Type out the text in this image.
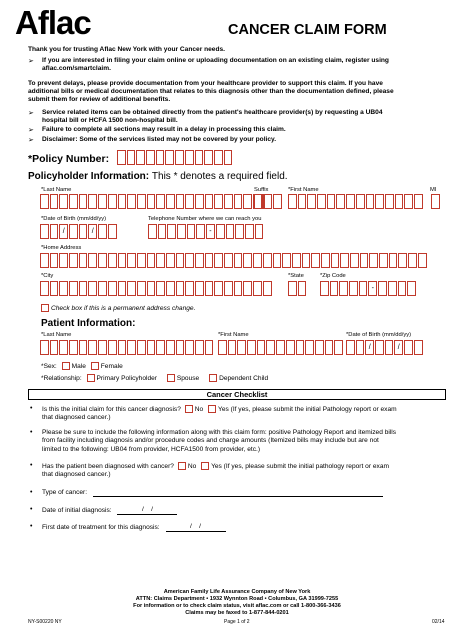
Aflac	CANCER CLAIM FORM
Thank you for trusting Aflac New York with your Cancer needs.
➢ If you are interested in filing your claim online or uploading documentation on an existing claim, register using
aflac.com/smartclaim.
To prevent delays, please provide documentation from your healthcare provider to support this claim. If you have
additional bills or medical documentation that relates to this diagnosis other than the documentation defined, please
submit them for review of additional benefits.
➢ Service related items can be obtained directly from the patient's healthcare provider(s) by requesting a UB04
hospital bill or HCFA 1500 non-hospital bill.
➢ Failure to complete all sections may result in a delay in processing this claim.
➢ Disclaimer: Some of the services listed may not be covered by your policy.
*Policy Number:
Policyholder Information: This * denotes a required field.
*Last Name	Suffix	*First Name	MI
*Date of Birth (mm/dd/yy)	Telephone Number where we can reach you
/	/	-
*Home Address
*City	*State	*Zip Code
-
Check box if this is a permanent address change.
Patient Information:
*Last Name	*First Name	*Date of Birth (mm/dd/yy)
/	/
*Sex: Male Female
*Relationship: Primary Policyholder	Spouse	Dependent Child
Cancer Checklist
• Is this the initial claim for this cancer diagnosis? No Yes (If yes, please submit the initial Pathology report or exam
that diagnosed cancer.)
• Please be sure to include the following information along with this claim form: positive Pathology Report and itemized bills
from facility including diagnosis and/or procedure codes and charge amounts (Itemized bills may include but are not
limited to the following: UB04 from provider, HCFA1500 from provider, etc.)
• Has the patient been diagnosed with cancer? No Yes (If yes, please submit the initial pathology report or exam
that diagnosed cancer.)
• Type of cancer:
• Date of initial diagnosis:	/    /
• First date of treatment for this diagnosis:	/    /
American Family Life Assurance Company of New York
ATTN: Claims Department • 1932 Wynnton Road • Columbus, GA 31999-7255
For information or to check claim status, visit aflac.com or call 1-800-366-3436
Claims may be faxed to 1-877-844-0201
NY-S00220 NY	Page 1 of 2	02/14
